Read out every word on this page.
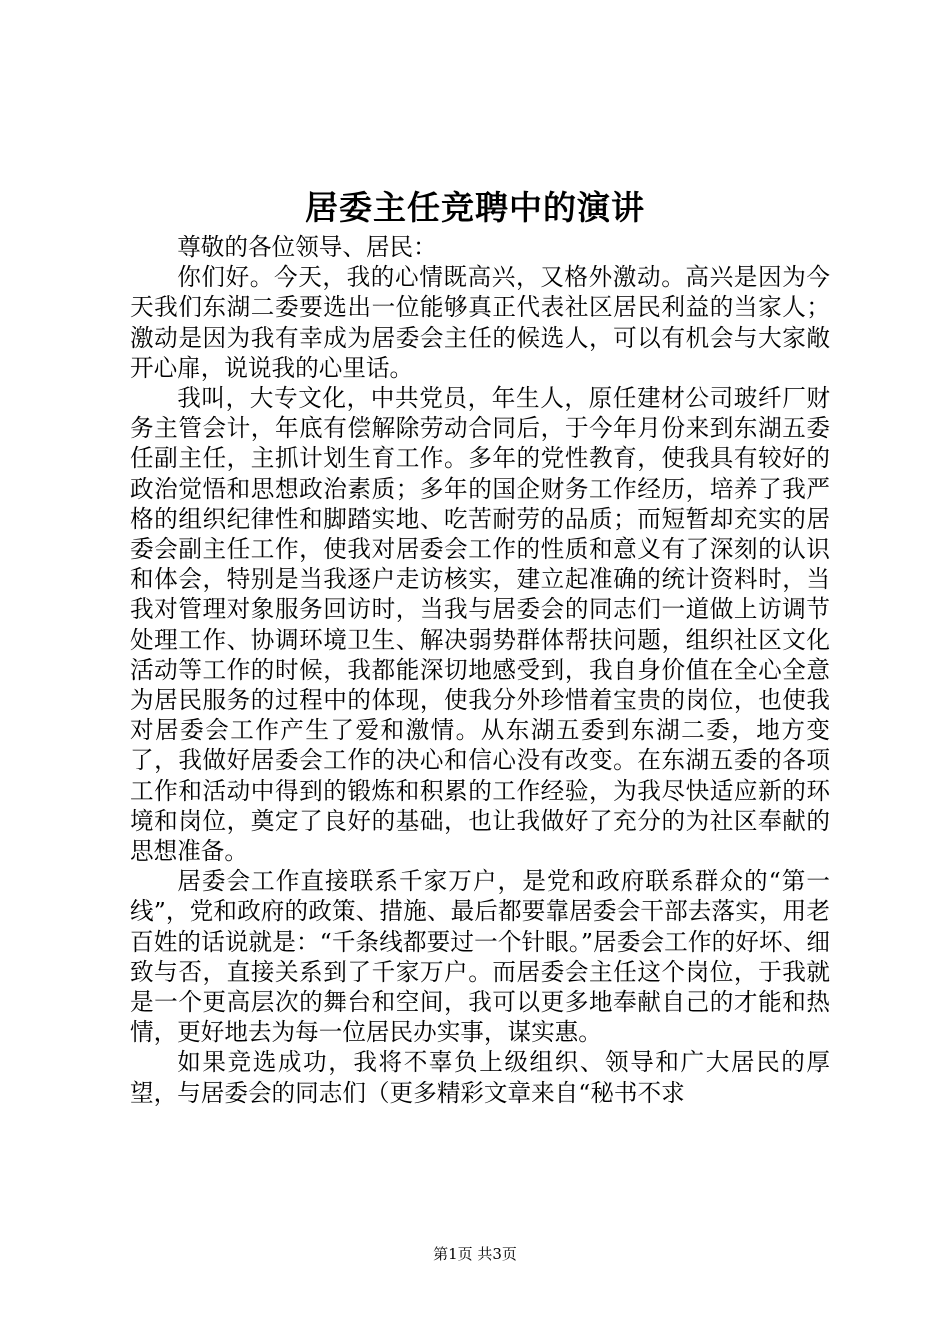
居委主任竞聘中的演讲

尊敬的各位领导、居民：

你们好。今天，我的心情既高兴，又格外激动。高兴是因为今天我们东湖二委要选出一位能够真正代表社区居民利益的当家人；激动是因为我有幸成为居委会主任的候选人，可以有机会与大家敞开心扉，说说我的心里话。

我叫，大专文化，中共党员，年生人，原任建材公司玻纤厂财务主管会计，年底有偿解除劳动合同后，于今年月份来到东湖五委任副主任，主抓计划生育工作。多年的党性教育，使我具有较好的政治觉悟和思想政治素质；多年的国企财务工作经历，培养了我严格的组织纪律性和脚踏实地、吃苦耐劳的品质；而短暂却充实的居委会副主任工作，使我对居委会工作的性质和意义有了深刻的认识和体会，特别是当我逐户走访核实，建立起准确的统计资料时，当我对管理对象服务回访时，当我与居委会的同志们一道做上访调节处理工作、协调环境卫生、解决弱势群体帮扶问题，组织社区文化活动等工作的时候，我都能深切地感受到，我自身价值在全心全意为居民服务的过程中的体现，使我分外珍惜着宝贵的岗位，也使我对居委会工作产生了爱和激情。从东湖五委到东湖二委，地方变了，我做好居委会工作的决心和信心没有改变。在东湖五委的各项工作和活动中得到的锻炼和积累的工作经验，为我尽快适应新的环境和岗位，奠定了良好的基础，也让我做好了充分的为社区奉献的思想准备。

居委会工作直接联系千家万户，是党和政府联系群众的“第一线”，党和政府的政策、措施、最后都要靠居委会干部去落实，用老百姓的话说就是：“千条线都要过一个针眼。”居委会工作的好坏、细致与否，直接关系到了千家万户。而居委会主任这个岗位，于我就是一个更高层次的舞台和空间，我可以更多地奉献自己的才能和热情，更好地去为每一位居民办实事，谋实惠。

如果竞选成功，我将不辜负上级组织、领导和广大居民的厚望，与居委会的同志们（更多精彩文章来自“秘书不求

第1页 共3页
